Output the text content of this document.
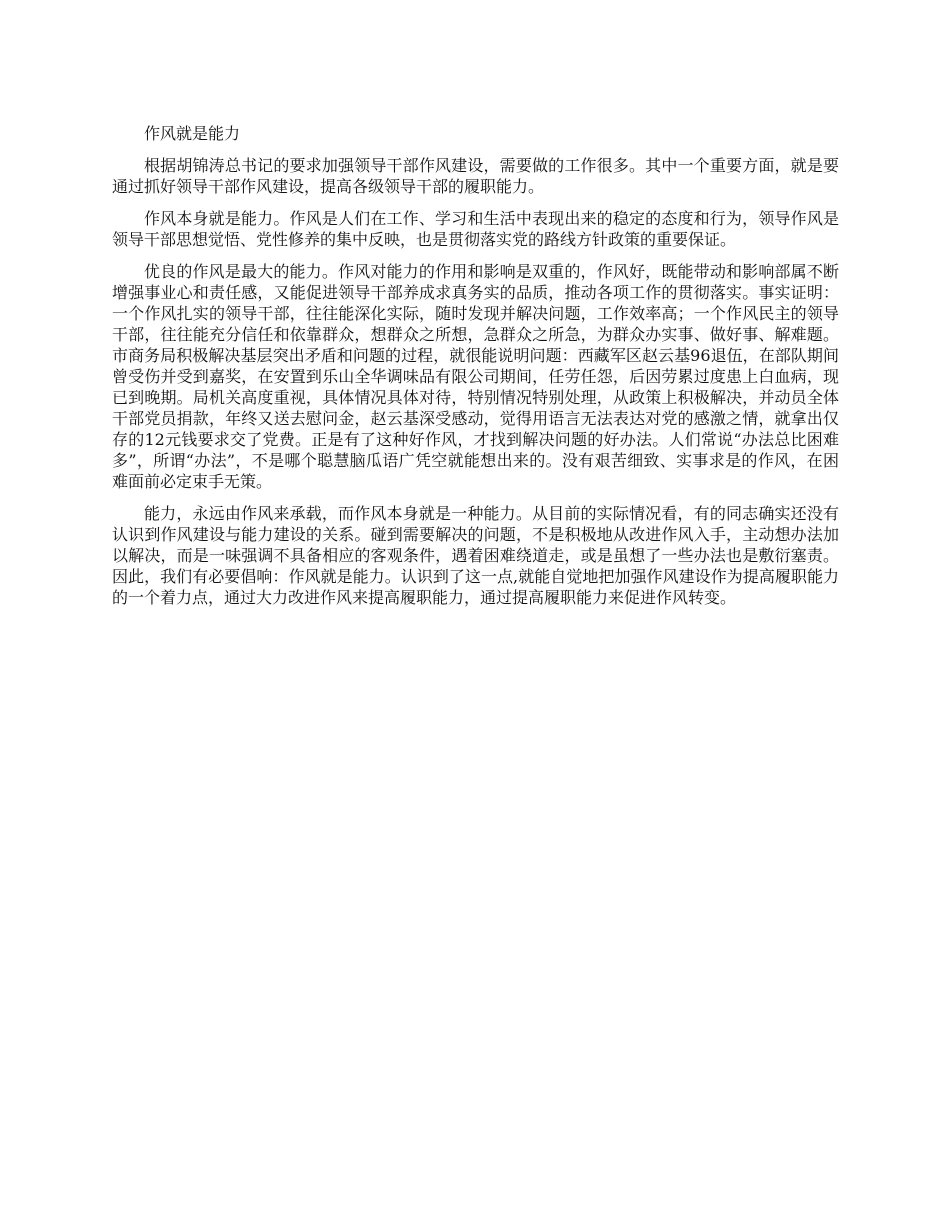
作风就是能力

根据胡锦涛总书记的要求加强领导干部作风建设，需要做的工作很多。其中一个重要方面，就是要通过抓好领导干部作风建设，提高各级领导干部的履职能力。

作风本身就是能力。作风是人们在工作、学习和生活中表现出来的稳定的态度和行为，领导作风是领导干部思想觉悟、党性修养的集中反映，也是贯彻落实党的路线方针政策的重要保证。

优良的作风是最大的能力。作风对能力的作用和影响是双重的，作风好，既能带动和影响部属不断增强事业心和责任感，又能促进领导干部养成求真务实的品质，推动各项工作的贯彻落实。事实证明：一个作风扎实的领导干部，往往能深化实际，随时发现并解决问题，工作效率高；一个作风民主的领导干部，往往能充分信任和依靠群众，想群众之所想，急群众之所急，为群众办实事、做好事、解难题。市商务局积极解决基层突出矛盾和问题的过程，就很能说明问题：西藏军区赵云基96退伍，在部队期间曾受伤并受到嘉奖，在安置到乐山全华调味品有限公司期间，任劳任怨，后因劳累过度患上白血病，现已到晚期。局机关高度重视，具体情况具体对待，特别情况特别处理，从政策上积极解决，并动员全体干部党员捐款，年终又送去慰问金，赵云基深受感动，觉得用语言无法表达对党的感激之情，就拿出仅存的12元钱要求交了党费。正是有了这种好作风，才找到解决问题的好办法。人们常说“办法总比困难多”，所谓“办法”，不是哪个聪慧脑瓜语广凭空就能想出来的。没有艰苦细致、实事求是的作风，在困难面前必定束手无策。

能力，永远由作风来承载，而作风本身就是一种能力。从目前的实际情况看，有的同志确实还没有认识到作风建设与能力建设的关系。碰到需要解决的问题，不是积极地从改进作风入手，主动想办法加以解决，而是一味强调不具备相应的客观条件，遇着困难绕道走，或是虽想了一些办法也是敷衍塞责。因此，我们有必要倡响：作风就是能力。认识到了这一点,就能自觉地把加强作风建设作为提高履职能力的一个着力点，通过大力改进作风来提高履职能力，通过提高履职能力来促进作风转变。
